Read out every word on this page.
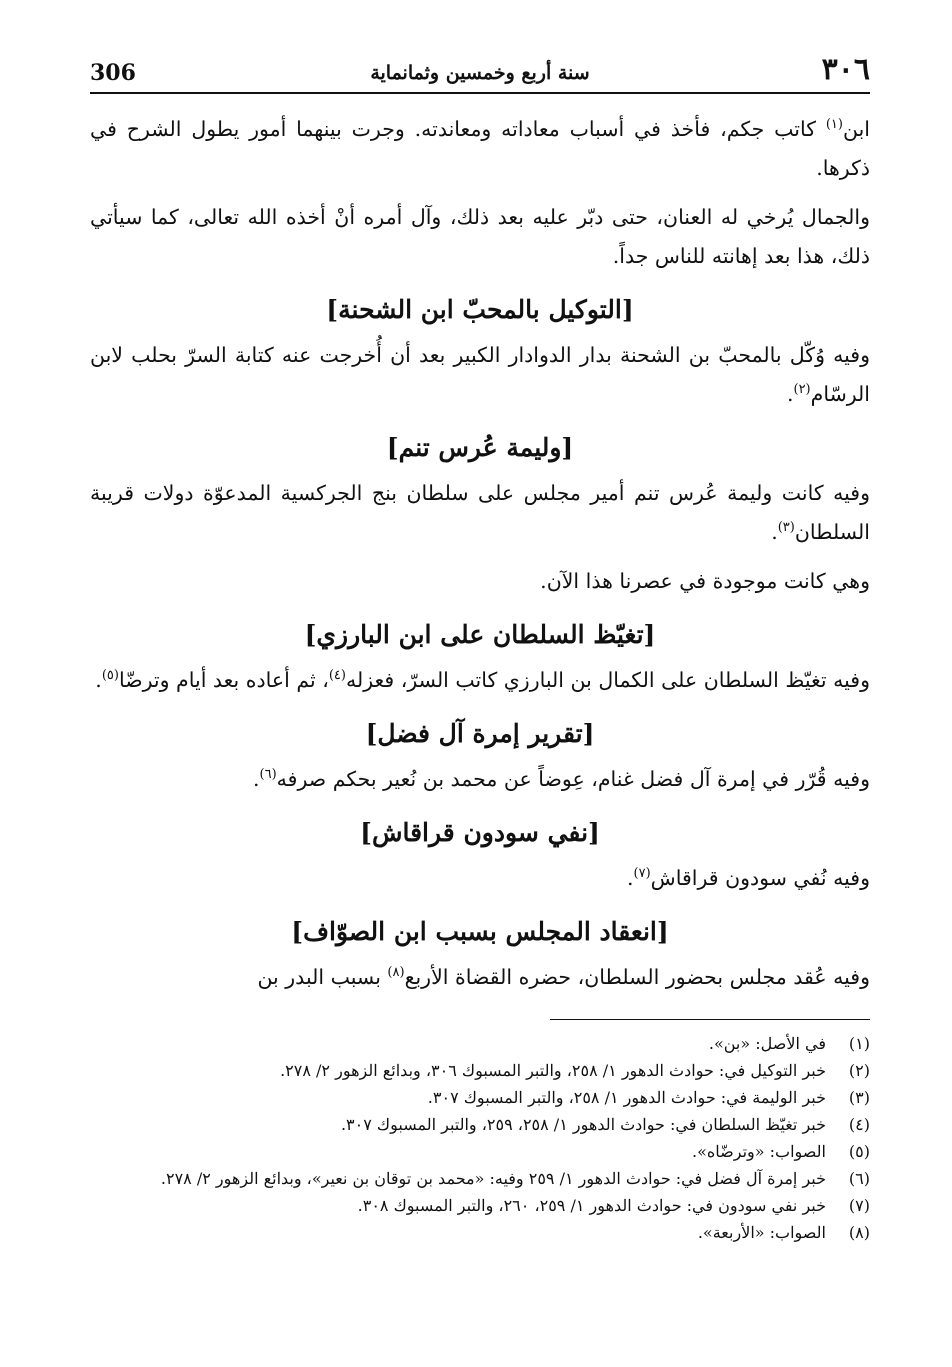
٣٠٦
سنة أربع وخمسين وثمانماية
306

ابن$^{(١)}$ كاتب جكم، فأخذ في أسباب معاداته ومعاندته. وجرت بينهما أمور يطول الشرح في ذكرها.

والجمال يُرخي له العنان، حتى دبّر عليه بعد ذلك، وآل أمره أنْ أخذه الله تعالى، كما سيأتي ذلك، هذا بعد إهانته للناس جداً.

[التوكيل بالمحبّ ابن الشحنة]

وفيه وُكّل بالمحبّ بن الشحنة بدار الدوادار الكبير بعد أن أُخرجت عنه كتابة السرّ بحلب لابن الرسّام$^{(٢)}$.

[وليمة عُرس تنم]

وفيه كانت وليمة عُرس تنم أمير مجلس على سلطان بنج الجركسية المدعوّة دولات قريبة السلطان$^{(٣)}$.

وهي كانت موجودة في عصرنا هذا الآن.

[تغيّظ السلطان على ابن البارزي]

وفيه تغيّظ السلطان على الكمال بن البارزي كاتب السرّ، فعزله$^{(٤)}$، ثم أعاده بعد أيام وترضّا$^{(٥)}$.

[تقرير إمرة آل فضل]

وفيه قُرّر في إمرة آل فضل غنام، عِوضاً عن محمد بن نُعير بحكم صرفه$^{(٦)}$.

[نفي سودون قراقاش]

وفيه نُفي سودون قراقاش$^{(٧)}$.

[انعقاد المجلس بسبب ابن الصوّاف]

وفيه عُقد مجلس بحضور السلطان، حضره القضاة الأربع$^{(٨)}$ بسبب البدر بن

(١)
في الأصل: «بن».
(٢)
خبر التوكيل في: حوادث الدهور ١/ ٢٥٨، والتبر المسبوك ٣٠٦، وبدائع الزهور ٢/ ٢٧٨.
(٣)
خبر الوليمة في: حوادث الدهور ١/ ٢٥٨، والتبر المسبوك ٣٠٧.
(٤)
خبر تغيّظ السلطان في: حوادث الدهور ١/ ٢٥٨، ٢٥٩، والتبر المسبوك ٣٠٧.
(٥)
الصواب: «وترضّاه».
(٦)
خبر إمرة آل فضل في: حوادث الدهور ١/ ٢٥٩ وفيه: «محمد بن توقان بن نعير»، وبدائع الزهور ٢/ ٢٧٨.
(٧)
خبر نفي سودون في: حوادث الدهور ١/ ٢٥٩، ٢٦٠، والتبر المسبوك ٣٠٨.
(٨)
الصواب: «الأربعة».
